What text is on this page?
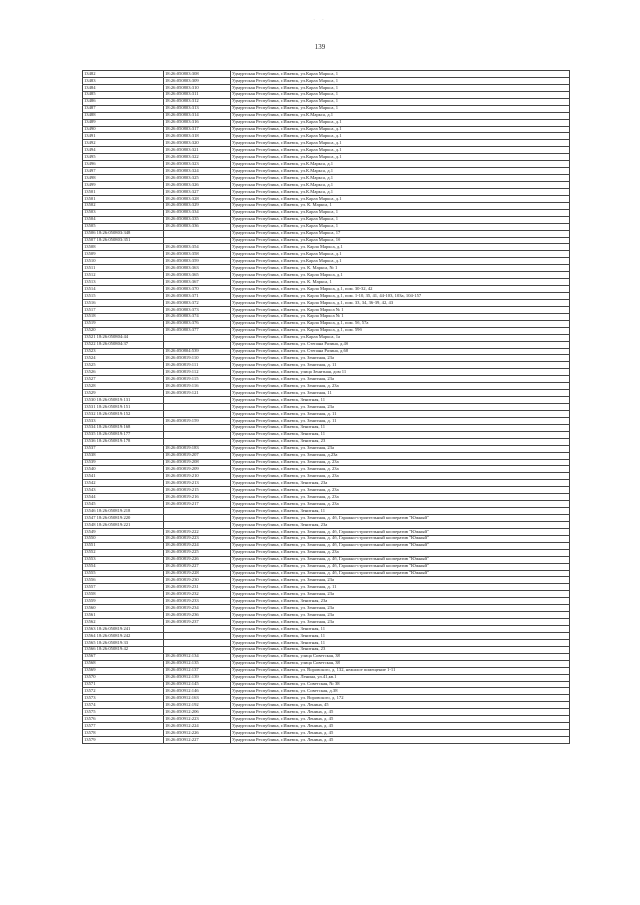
· ·
139
13482	18:26:050803:308	Удмуртская Республика, г.Ижевск, ул.Карла Маркса, 1
13483	18:26:050803:309	Удмуртская Республика, г.Ижевск, ул.Карла Маркса, 1
13484	18:26:050803:310	Удмуртская Республика, г.Ижевск, ул.Карла Маркса, 1
13485	18:26:050803:311	Удмуртская Республика, г.Ижевск, ул.Карла Маркса, 1
13486	18:26:050803:312	Удмуртская Республика, г.Ижевск, ул.Карла Маркса, 1
13487	18:26:050803:313	Удмуртская Республика, г.Ижевск, ул.Карла Маркса, 1
13488	18:26:050803:314	Удмуртская Республика, г.Ижевск, ул.К.Маркса, д.1
13489	18:26:050803:316	Удмуртская Республика, г.Ижевск, ул.Карла Маркса, д.1
13490	18:26:050803:317	Удмуртская Республика, г.Ижевск, ул.Карла Маркса, д.1
13491	18:26:050803:318	Удмуртская Республика, г.Ижевск, ул.Карла Маркса, д.1
13492	18:26:050803:320	Удмуртская Республика, г.Ижевск, ул.Карла Маркса, д.1
13494	18:26:050803:321	Удмуртская Республика, г.Ижевск, ул.Карла Маркса, д.1
13495	18:26:050803:322	Удмуртская Республика, г.Ижевск, ул.Карла Маркса, д.1
13496	18:26:050803:323	Удмуртская Республика, г.Ижевск, ул.К.Маркса, д.1
13497	18:26:050803:324	Удмуртская Республика, г.Ижевск, ул.К.Маркса, д.1
13498	18:26:050803:325	Удмуртская Республика, г.Ижевск, ул.К.Маркса, д.1
13499	18:26:050803:326	Удмуртская Республика, г.Ижевск, ул.К.Маркса, д.1
13501	18:26:050803:327	Удмуртская Республика, г.Ижевск, ул.К.Маркса, д.1
13501	18:26:050803:328	Удмуртская Республика, г.Ижевск, ул.Карла Маркса, д.1
13502	18:26:050803:329	Удмуртская Республика, г.Ижевск, ул. К. Маркса, 1
13503	18:26:050803:334	Удмуртская Республика, г.Ижевск, ул.Карла Маркса, 1
13504	18:26:050803:335	Удмуртская Республика, г.Ижевск, ул.Карла Маркса, 1
13505	18:26:050803:336	Удмуртская Республика, г.Ижевск, ул.Карла Маркса, 1
13506 18:26:050803:348		Удмуртская Республика, г.Ижевск, ул.Карла Маркса, 17
13507 18:26:050803:351		Удмуртская Республика, г.Ижевск, ул.Карла Маркса, 1б
13508	18:26:050803:354	Удмуртская Республика, г.Ижевск, ул. Карла Маркса, д.1
13509	18:26:050803:358	Удмуртская Республика, г.Ижевск, ул.Карла Маркса, д.1
13510	18:26:050803:359	Удмуртская Республика, г.Ижевск, ул.Карла Маркса, д.1
13511	18:26:050803:363	Удмуртская Республика, г.Ижевск, ул. К. Маркса, № 1
13512	18:26:050803:365	Удмуртская Республика, г.Ижевск, ул. Карла Маркса, д.1
13513	18:26:050803:367	Удмуртская Республика, г.Ижевск, ул. К. Маркса, 1
13514	18:26:050803:370	Удмуртская Республика, г.Ижевск, ул. Карла Маркса, д.1, пом. 30-32, 42
13515	18:26:050803:371	Удмуртская Республика, г.Ижевск, ул. Карла Маркса, д.1, пом. 1-10, 35, 41, 44-103, 103а, 104-157
13516	18:26:050803:372	Удмуртская Республика, г.Ижевск, ул. Карла Маркса, д.1, пом. 33, 34, 36-39, 42, 43
13517	18:26:050803:373	Удмуртская Республика, г.Ижевск, ул. Карла Маркса № 1
13518	18:26:050803:374	Удмуртская Республика, г.Ижевск, ул. Карла Маркса № 1
13519	18:26:050803:376	Удмуртская Республика, г.Ижевск, ул. Карла Маркса, д.1, пом. 5б, 57а
13520	18:26:050803:377	Удмуртская Республика, г.Ижевск, ул. Карла Маркса, д.1, пом. 59б
13521 18:26:050804:44		Удмуртская Республика, г.Ижевск, ул.Карла Маркса, 1а
13522 18:26:050804:37		Удмуртская Республика, г.Ижевск, ул. Степана Разина, д.4б
13523	18:26:050804:539	Удмуртская Республика, г.Ижевск, ул. Степана Разина, д.60
13524	18:26:050819:110	Удмуртская Республика, г.Ижевск, ул. Зенитная, 23а
13525	18:26:050819:111	Удмуртская Республика, г.Ижевск, ул. Зенитная, д. 11
13526	18:26:050819:112	Удмуртская Республика, г.Ижевск, улица Зенитная, дом 11
13527	18:26:050819:115	Удмуртская Республика, г.Ижевск, ул. Зенитная, 23а
13528	18:26:050819:116	Удмуртская Республика, г.Ижевск, ул. Зенитная, д. 23а
13529	18:26:050819:121	Удмуртская Республика, г.Ижевск, ул. Зенитная, 11
13530 18:26:050819:131		Удмуртская Республика, г.Ижевск, Зенитная, 11
13531 18:26:050819:151		Удмуртская Республика, г.Ижевск, ул. Зенитная, 23а
13532 18:26:050819:152		Удмуртская Республика, г.Ижевск, ул. Зенитная, д. 11
13533	18:26:050819:159	Удмуртская Республика, г.Ижевск, ул. Зенитная, д. 11
13534 18:26:050819:168		Удмуртская Республика, г.Ижевск, Зенитная, 11
13535 18:26:050819:177		Удмуртская Республика, г.Ижевск, Зенитная, 11
13536 18:26:050819:178		Удмуртская Республика, г.Ижевск, Зенитная, 23
13537	18:26:050819:183	Удмуртская Республика, г.Ижевск, ул. Зенитная, 23а
13538	18:26:050819:207	Удмуртская Республика, г.Ижевск, ул. Зенитная, д.23а
13539	18:26:050819:208	Удмуртская Республика, г.Ижевск, ул. Зенитная, д. 23а
13540	18:26:050819:209	Удмуртская Республика, г.Ижевск, ул. Зенитная, д. 23а
13541	18:26:050819:210	Удмуртская Республика, г.Ижевск, ул. Зенитная, д. 23а
13542	18:26:050819:213	Удмуртская Республика, г.Ижевск, Зенитная, 23а
13543	18:26:050819:215	Удмуртская Республика, г.Ижевск, ул. Зенитная, д. 23а
13544	18:26:050819:216	Удмуртская Республика, г.Ижевск, ул. Зенитная, д. 23а
13545	18:26:050819:217	Удмуртская Республика, г.Ижевск, ул. Зенитная, д. 23а
13546 18:26:050819:218		Удмуртская Республика, г.Ижевск, Зенитная, 11
13547 18:26:050819:220		Удмуртская Республика, г.Ижевск, ул. Зенитная, д. 4б, Гаражно-строительный кооператив "Южный"
13548 18:26:050819:221		Удмуртская Республика, г.Ижевск, Зенитная, 23а
13549	18:26:050819:222	Удмуртская Республика, г.Ижевск, ул. Зенитная, д. 4б, Гаражно-строительный кооператив "Южный"
13550	18:26:050819:223	Удмуртская Республика, г.Ижевск, ул. Зенитная, д. 4б, Гаражно-строительный кооператив "Южный"
13551	18:26:050819:224	Удмуртская Республика, г.Ижевск, ул. Зенитная, д. 4б, Гаражно-строительный кооператив "Южный"
13552	18:26:050819:225	Удмуртская Республика, г.Ижевск, ул. Зенитная, д. 23а
13553	18:26:050819:226	Удмуртская Республика, г.Ижевск, ул. Зенитная, д. 4б, Гаражно-строительный кооператив "Южный"
13554	18:26:050819:227	Удмуртская Республика, г.Ижевск, ул. Зенитная, д. 4б, Гаражно-строительный кооператив "Южный"
13555	18:26:050819:228	Удмуртская Республика, г.Ижевск, ул. Зенитная, д. 4б, Гаражно-строительный кооператив "Южный"
13556	18:26:050819:230	Удмуртская Республика, г.Ижевск, ул. Зенитная, 23а
13557	18:26:050819:231	Удмуртская Республика, г.Ижевск, ул. Зенитная, д. 11
13558	18:26:050819:232	Удмуртская Республика, г.Ижевск, ул. Зенитная, 23а
13559	18:26:050819:233	Удмуртская Республика, г.Ижевск, Зенитная, 23а
13560	18:26:050819:234	Удмуртская Республика, г.Ижевск, ул. Зенитная, 23а
13561	18:26:050819:236	Удмуртская Республика, г.Ижевск, ул. Зенитная, 23а
13562	18:26:050819:237	Удмуртская Республика, г.Ижевск, ул. Зенитная, 23а
13563 18:26:050819:241		Удмуртская Республика, г.Ижевск, Зенитная, 11
13564 18:26:050819:242		Удмуртская Республика, г.Ижевск, Зенитная, 11
13565 18:26:050819:33		Удмуртская Республика, г.Ижевск, Зенитная, 11
13566 18:26:050819:42		Удмуртская Республика, г.Ижевск, Зенитная, 23
13567	18:26:050912:134	Удмуртская Республика, г.Ижевск, улица Советская, 38
13568	18:26:050912:135	Удмуртская Республика, г.Ижевск, улица Советская, 38
13569	18:26:050912:137	Удмуртская Республика, г.Ижевск, ул. Воровского, д. 132, нежилое помещение 1-11
13570	18:26:050912:139	Удмуртская Республика, г.Ижевск, Ленина, ул.41,кв.1
13571	18:26:050912:145	Удмуртская Республика, г.Ижевск, ул. Советская, № 38
13572	18:26:050912:146	Удмуртская Республика, г.Ижевск, ул. Советская, д.38
13573	18:26:050912:163	Удмуртская Республика, г.Ижевск, ул. Воровского, д. 172
13574	18:26:050912:192	Удмуртская Республика, г.Ижевск, ул. Ленина, 45
13575	18:26:050912:206	Удмуртская Республика, г.Ижевск, ул. Ленина, д. 45
13576	18:26:050912:223	Удмуртская Республика, г.Ижевск, ул. Ленина, д. 45
13577	18:26:050912:224	Удмуртская Республика, г.Ижевск, ул. Ленина, д. 45
13578	18:26:050912:226	Удмуртская Республика, г.Ижевск, ул. Ленина, д. 45
13579	18:26:050912:227	Удмуртская Республика, г.Ижевск, ул. Ленина, д. 45
